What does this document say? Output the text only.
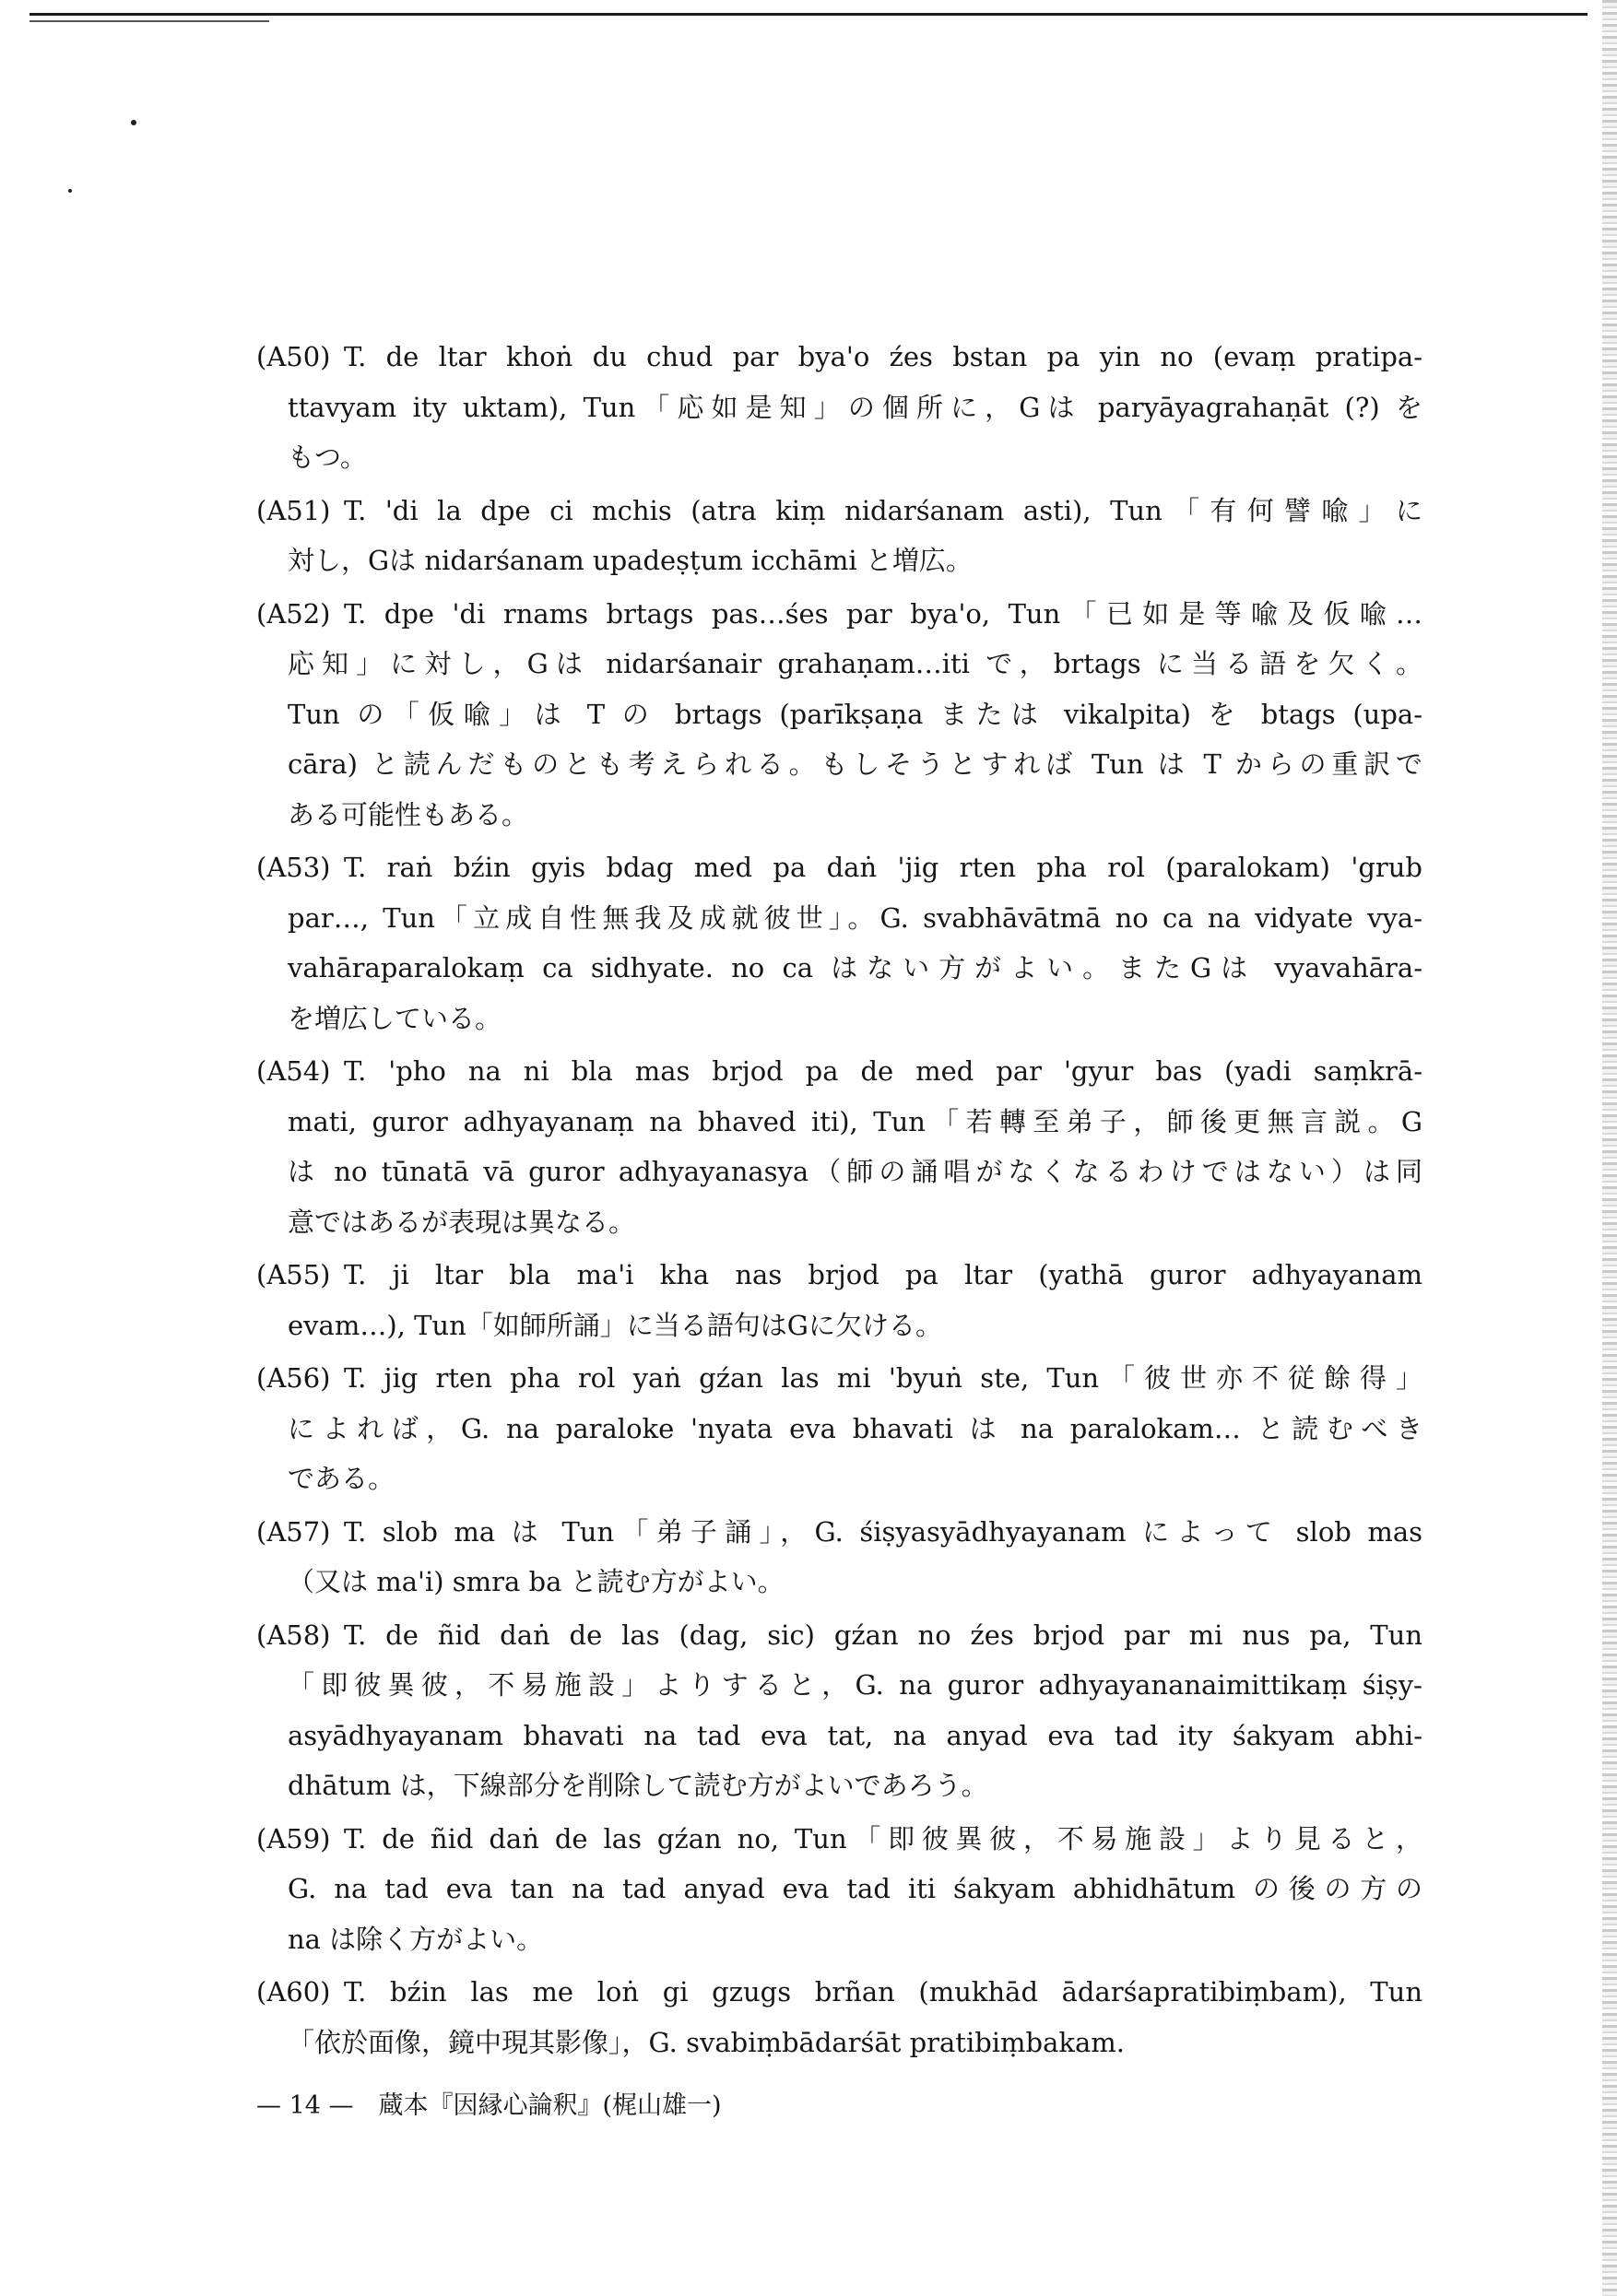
(A50)  T. de ltar khoṅ du chud par bya'o źes bstan pa yin no (evaṃ pratipa-
ttavyam ity uktam), Tun「応如是知」の個所に，Gは paryāyagrahaṇāt (?) を
もつ。
(A51)  T. 'di la dpe ci mchis (atra kiṃ nidarśanam asti), Tun「有何譬喩」に
対し，Gは nidarśanam upadeṣṭum icchāmi と増広。
(A52)  T. dpe 'di rnams brtags pas…śes par bya'o, Tun「已如是等喩及仮喩…
応知」に対し，Gは nidarśanair grahaṇam…iti で，brtags に当る語を欠く。
Tun の「仮喩」は T の brtags (parīkṣaṇa または vikalpita) を btags (upa-
cāra) と読んだものとも考えられる。もしそうとすれば Tun は T からの重訳で
ある可能性もある。
(A53)  T. raṅ bźin gyis bdag med pa daṅ 'jig rten pha rol (paralokam) 'grub
par…, Tun「立成自性無我及成就彼世」。G. svabhāvātmā no ca na vidyate vya-
vahāraparalokaṃ ca sidhyate. no ca はない方がよい。またGは vyavahāra-
を増広している。
(A54)  T. 'pho na ni bla mas brjod pa de med par 'gyur bas (yadi saṃkrā-
mati, guror adhyayanaṃ na bhaved iti), Tun「若轉至弟子，師後更無言説。G
は no tūnatā vā guror adhyayanasya（師の誦唱がなくなるわけではない）は同
意ではあるが表現は異なる。
(A55)  T. ji ltar bla ma'i kha nas brjod pa ltar (yathā guror adhyayanam
evam…), Tun「如師所誦」に当る語句はGに欠ける。
(A56)  T. jig rten pha rol yaṅ gźan las mi 'byuṅ ste, Tun「彼世亦不従餘得」
によれば，G. na paraloke 'nyata eva bhavati は na paralokam… と読むべき
である。
(A57)  T. slob ma は Tun「弟子誦」，G. śiṣyasyādhyayanam によって slob mas
（又は ma'i) smra ba と読む方がよい。
(A58)  T. de ñid daṅ de las (dag, sic) gźan no źes brjod par mi nus pa, Tun
「即彼異彼，不易施設」よりすると，G. na guror adhyayananaimittikaṃ śiṣy-
asyādhyayanam bhavati na tad eva tat, na anyad eva tad ity śakyam abhi-
dhātum は，下線部分を削除して読む方がよいであろう。
(A59)  T. de ñid daṅ de las gźan no, Tun「即彼異彼，不易施設」より見ると，
G. na tad eva tan na tad anyad eva tad iti śakyam abhidhātum の後の方の
na は除く方がよい。
(A60)  T. bźin las me loṅ gi gzugs brñan (mukhād ādarśapratibiṃbam), Tun
「依於面像，鏡中現其影像」，G. svabiṃbādarśāt pratibiṃbakam.
— 14 —　蔵本『因縁心論釈』(梶山雄一)
